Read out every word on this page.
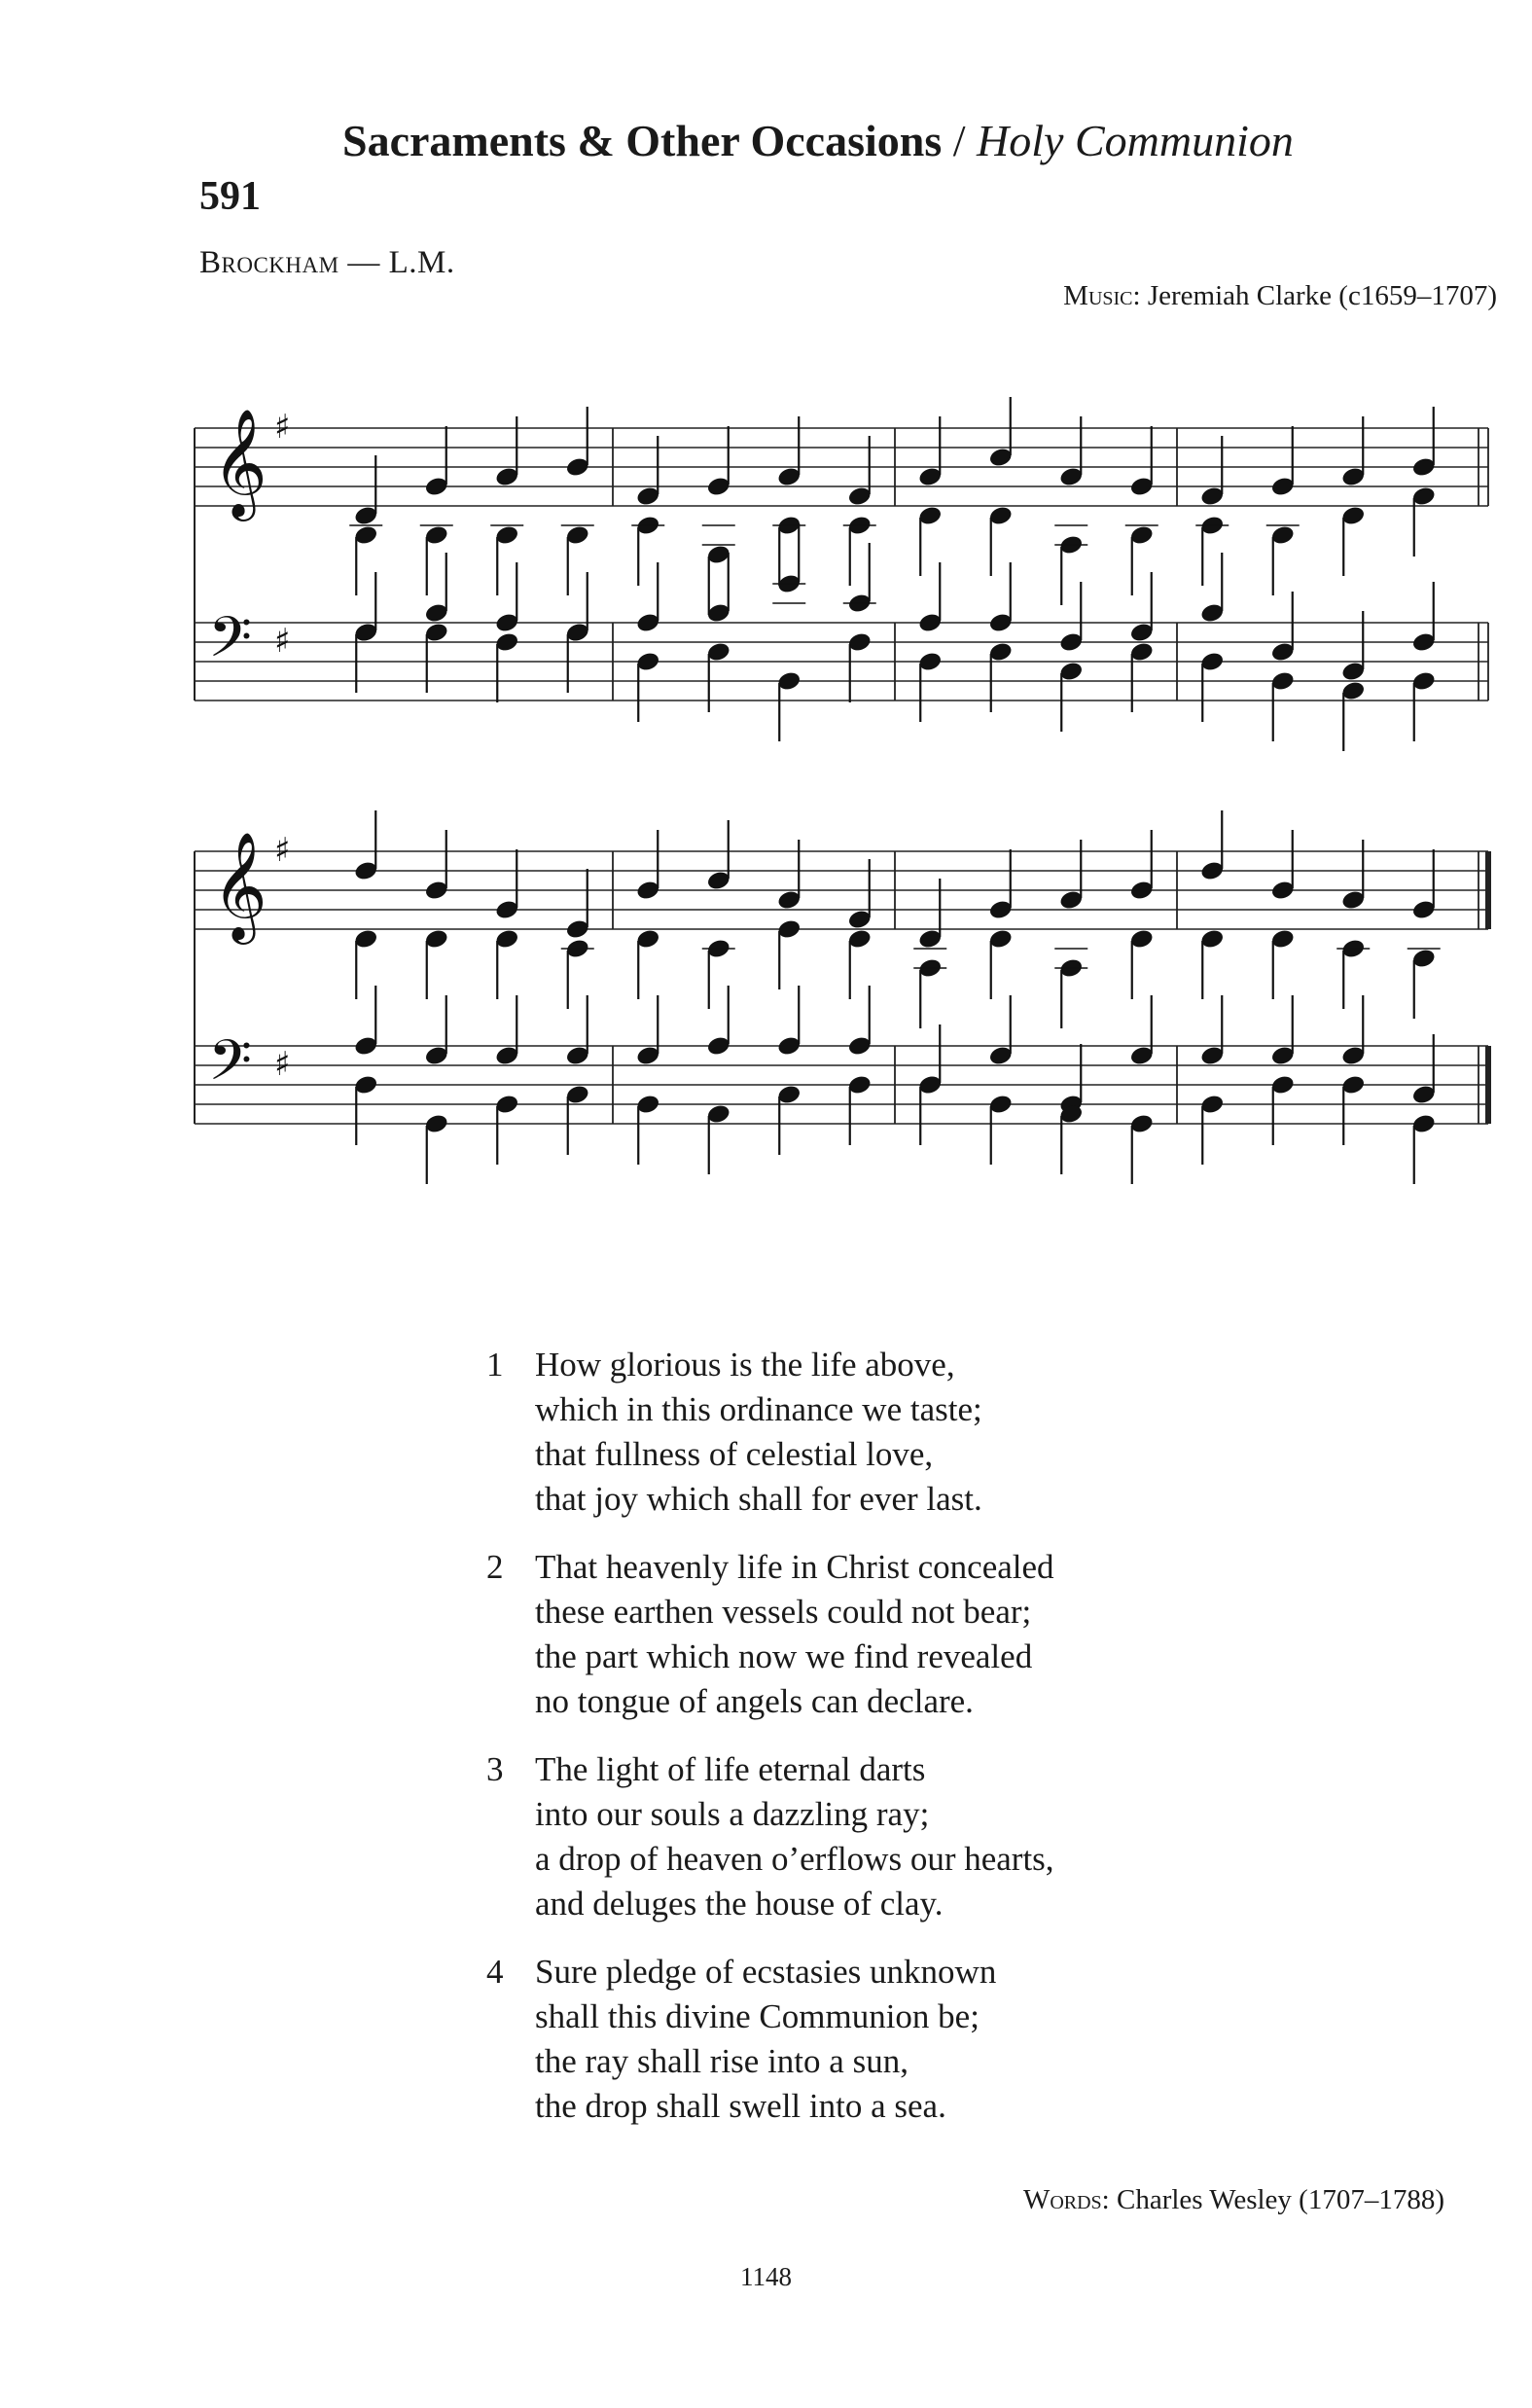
Sacraments & Other Occasions / Holy Communion
591
Brockham — L.M.
Music: Jeremiah Clarke (c1659–1707)
𝄞
𝄢
♯
♯
𝄞
𝄢
♯
♯
1 How glorious is the life above,
which in this ordinance we taste;
that fullness of celestial love,
that joy which shall for ever last.
2 That heavenly life in Christ concealed
these earthen vessels could not bear;
the part which now we find revealed
no tongue of angels can declare.
3 The light of life eternal darts
into our souls a dazzling ray;
a drop of heaven o’erflows our hearts,
and deluges the house of clay.
4 Sure pledge of ecstasies unknown
shall this divine Communion be;
the ray shall rise into a sun,
the drop shall swell into a sea.
Words: Charles Wesley (1707–1788)
1148
